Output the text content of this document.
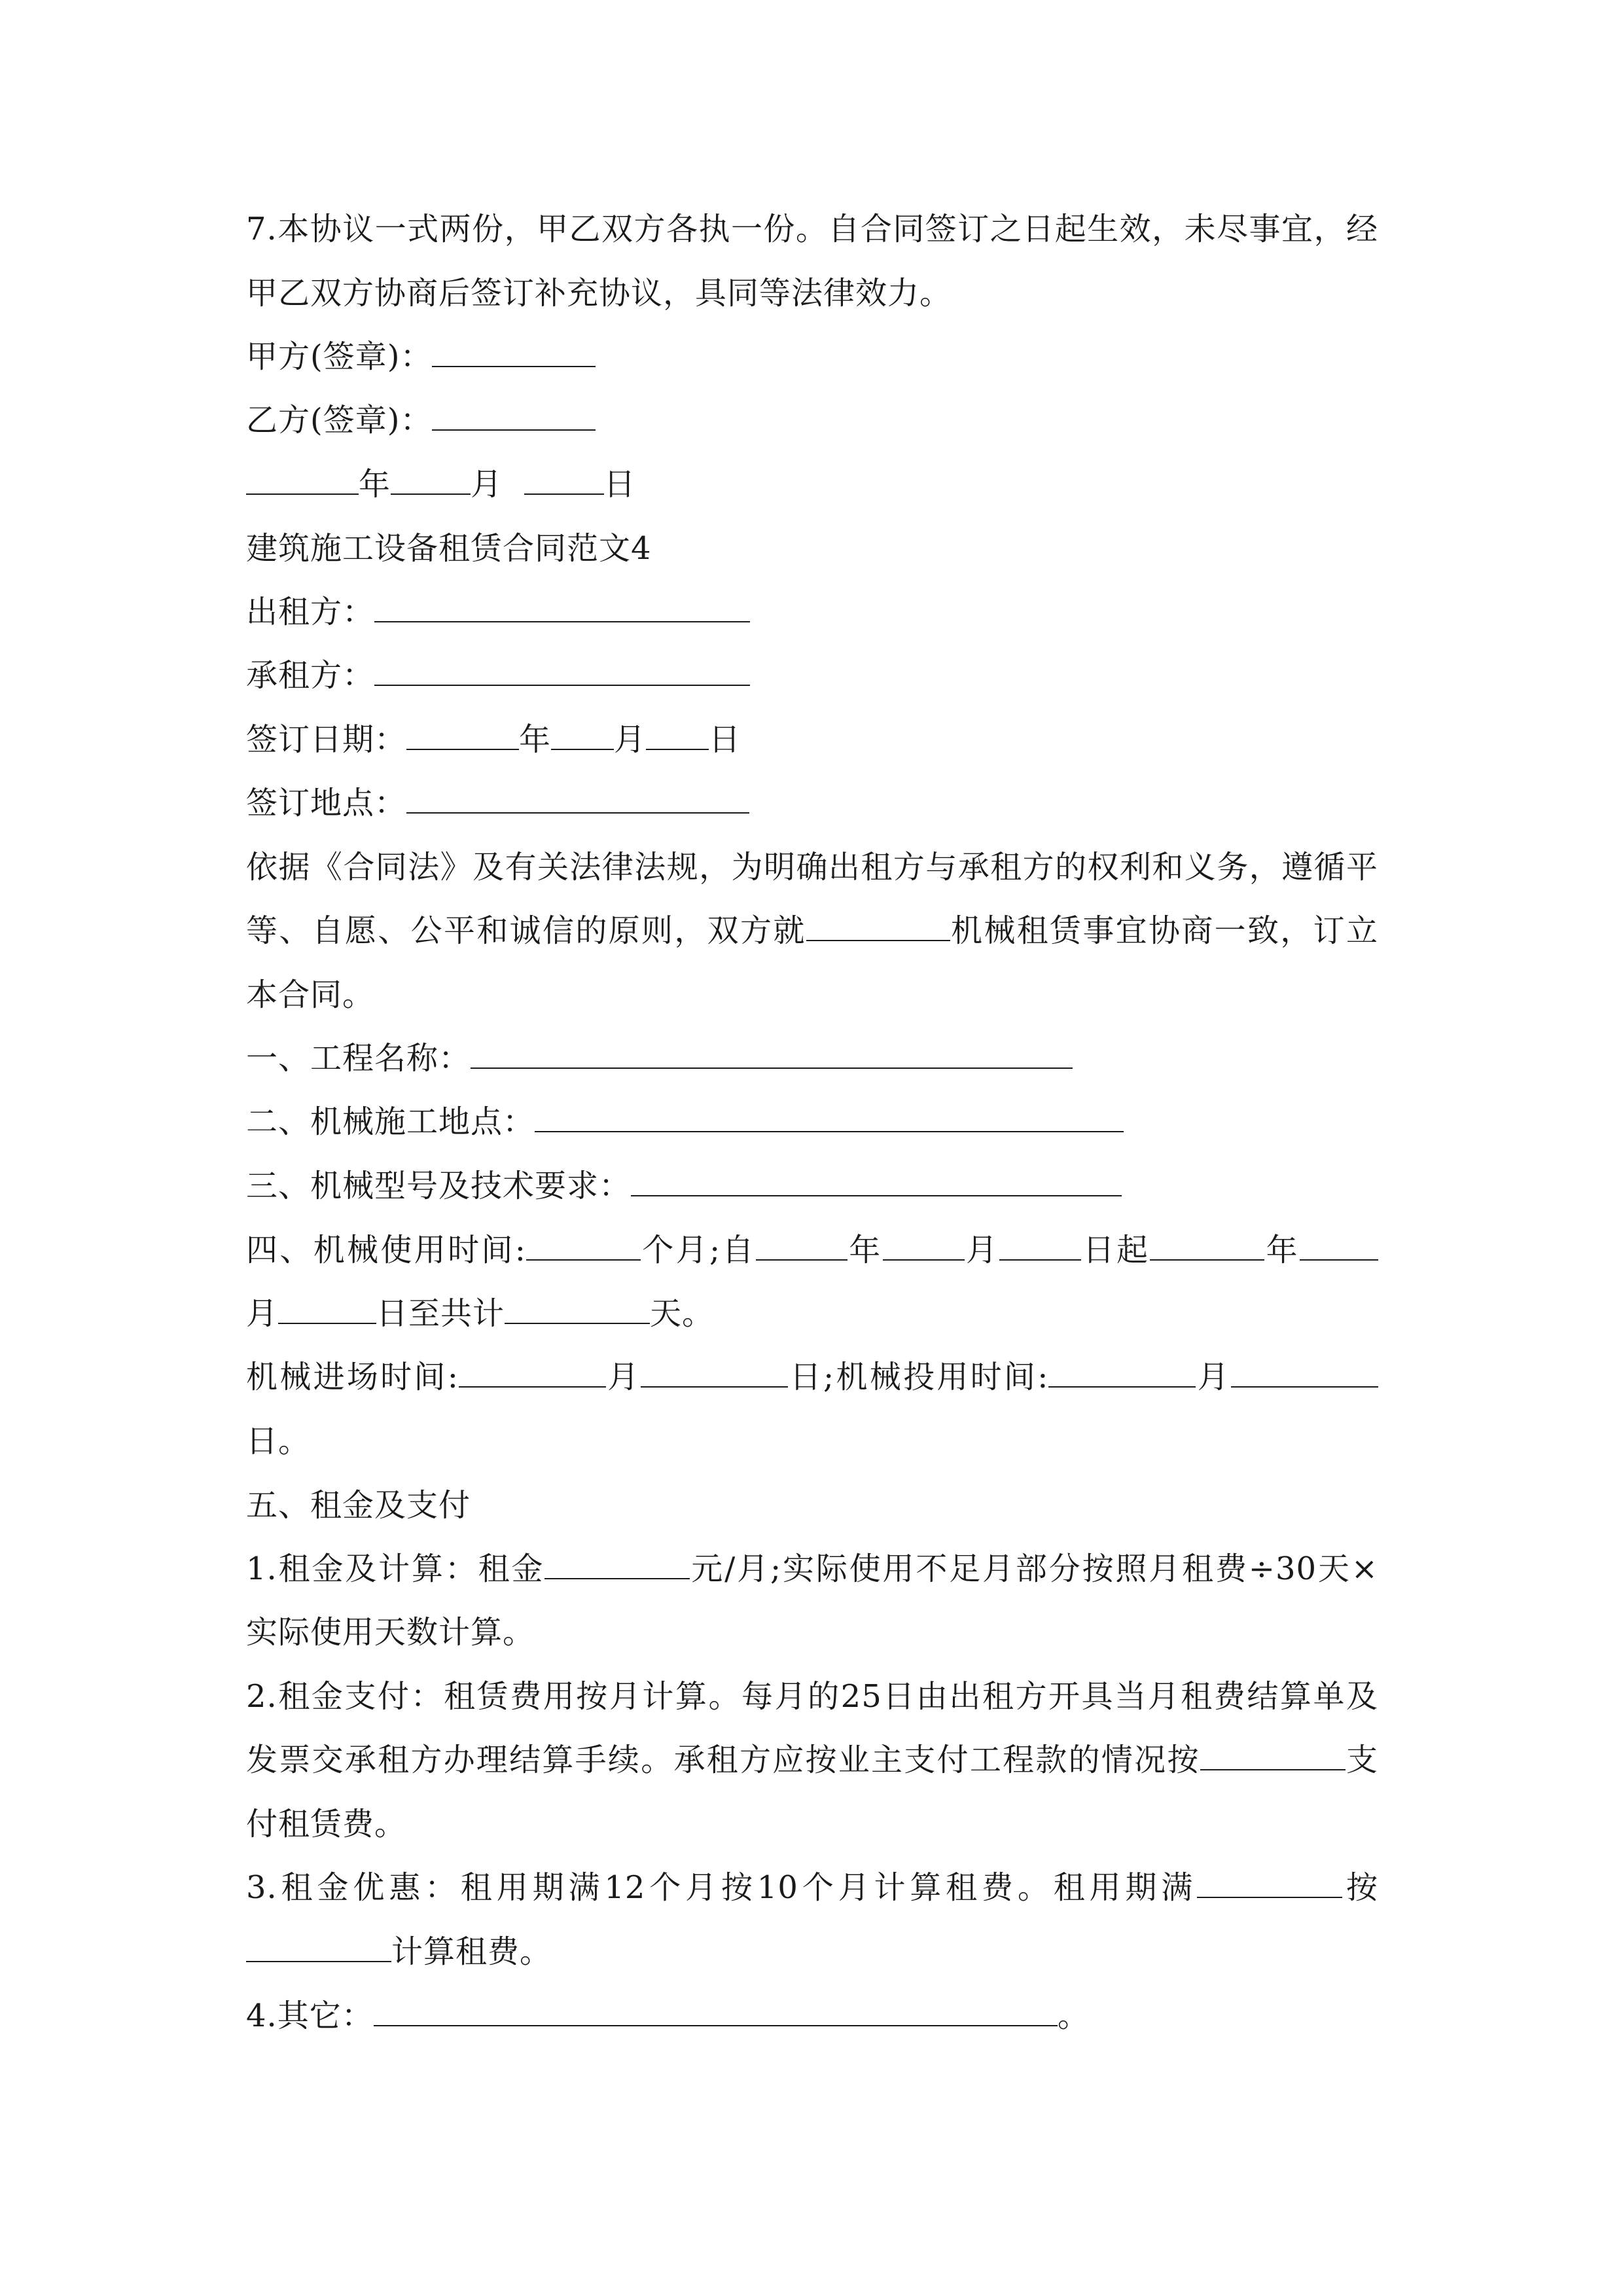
7.本协议一式两份，甲乙双方各执一份。自合同签订之日起生效，未尽事宜，经
甲乙双方协商后签订补充协议，具同等法律效力。
甲方(签章)：
乙方(签章)：
年	月	日
建筑施工设备租赁合同范文4
出租方：
承租方：
签订日期：	年 月 日
签订地点：
依据《合同法》及有关法律法规，为明确出租方与承租方的权利和义务，遵循平
等、自愿、公平和诚信的原则，双方就	机械租赁事宜协商一致，订立
本合同。
一、工程名称：
二、机械施工地点：
三、机械型号及技术要求：
四、机械使用时间:	个月;自	年	月	日起	年
月	日至共计	天。
机械进场时间:	月	日;机械投用时间:	月
日。
五、租金及支付
1.租金及计算：租金	元/月;实际使用不足月部分按照月租费÷30天×
实际使用天数计算。
2.租金支付：租赁费用按月计算。每月的25日由出租方开具当月租费结算单及
发票交承租方办理结算手续。承租方应按业主支付工程款的情况按	支
付租赁费。
3.租金优惠：租用期满12个月按10个月计算租费。租用期满	按
计算租费。
4.其它：	。
